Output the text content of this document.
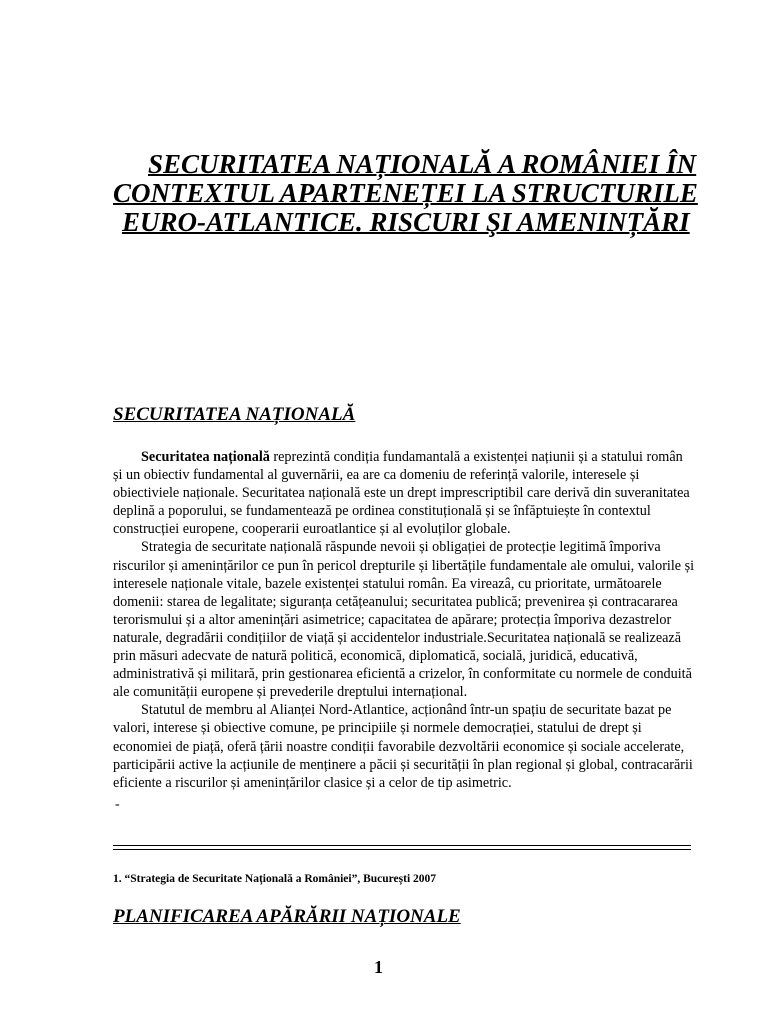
SECURITATEA NAȚIONALĂ A ROMÂNIEI ÎN
CONTEXTUL APARTENEȚEI LA STRUCTURILE
EURO-ATLANTICE. RISCURI ŞI AMENINȚĂRI
SECURITATEA NAȚIONALĂ

Securitatea națională reprezintă condiția fundamantală a existenței națiunii și a statului român și un obiectiv fundamental al guvernării, ea are ca domeniu de referință valorile, interesele și obiectiviele naționale. Securitatea națională este un drept imprescriptibil care derivă din suveranitatea deplină a poporului, se fundamentează pe ordinea constituțională și se înfăptuiește în contextul construcției europene, cooperarii euroatlantice și al evoluților globale.

Strategia de securitate națională răspunde nevoii și obligației de protecție legitimă împoriva riscurilor și amenințărilor ce pun în pericol drepturile și libertățile fundamentale ale omului, valorile și interesele naționale vitale, bazele existenței statului român. Ea vireazâ, cu prioritate, următoarele domenii: starea de legalitate; siguranța cetățeanului; securitatea publică; prevenirea și contracararea terorismului și a altor amenințări asimetrice; capacitatea de apărare; protecția împoriva dezastrelor naturale, degradării condițiilor de viață și accidentelor industriale.Securitatea națională se realizează prin măsuri adecvate de natură politică, economică, diplomatică, socială, juridică, educativă, administrativă și militară, prin gestionarea eficientă a crizelor, în conformitate cu normele de conduită ale comunității europene și prevederile dreptului internațional.

Statutul de membru al Alianței Nord-Atlantice, acționând într-un spațiu de securitate bazat pe valori, interese și obiective comune, pe principiile și normele democrației, statului de drept și economiei de piață, oferă țării noastre condiții favorabile dezvoltării economice și sociale accelerate, participării active la acțiunile de menținere a păcii și securității în plan regional și global, contracarării eficiente a riscurilor și amenințărilor clasice și a celor de tip asimetric.

-
1. “Strategia de Securitate Națională a României”, București 2007
PLANIFICAREA APĂRĂRII NAȚIONALE
1
